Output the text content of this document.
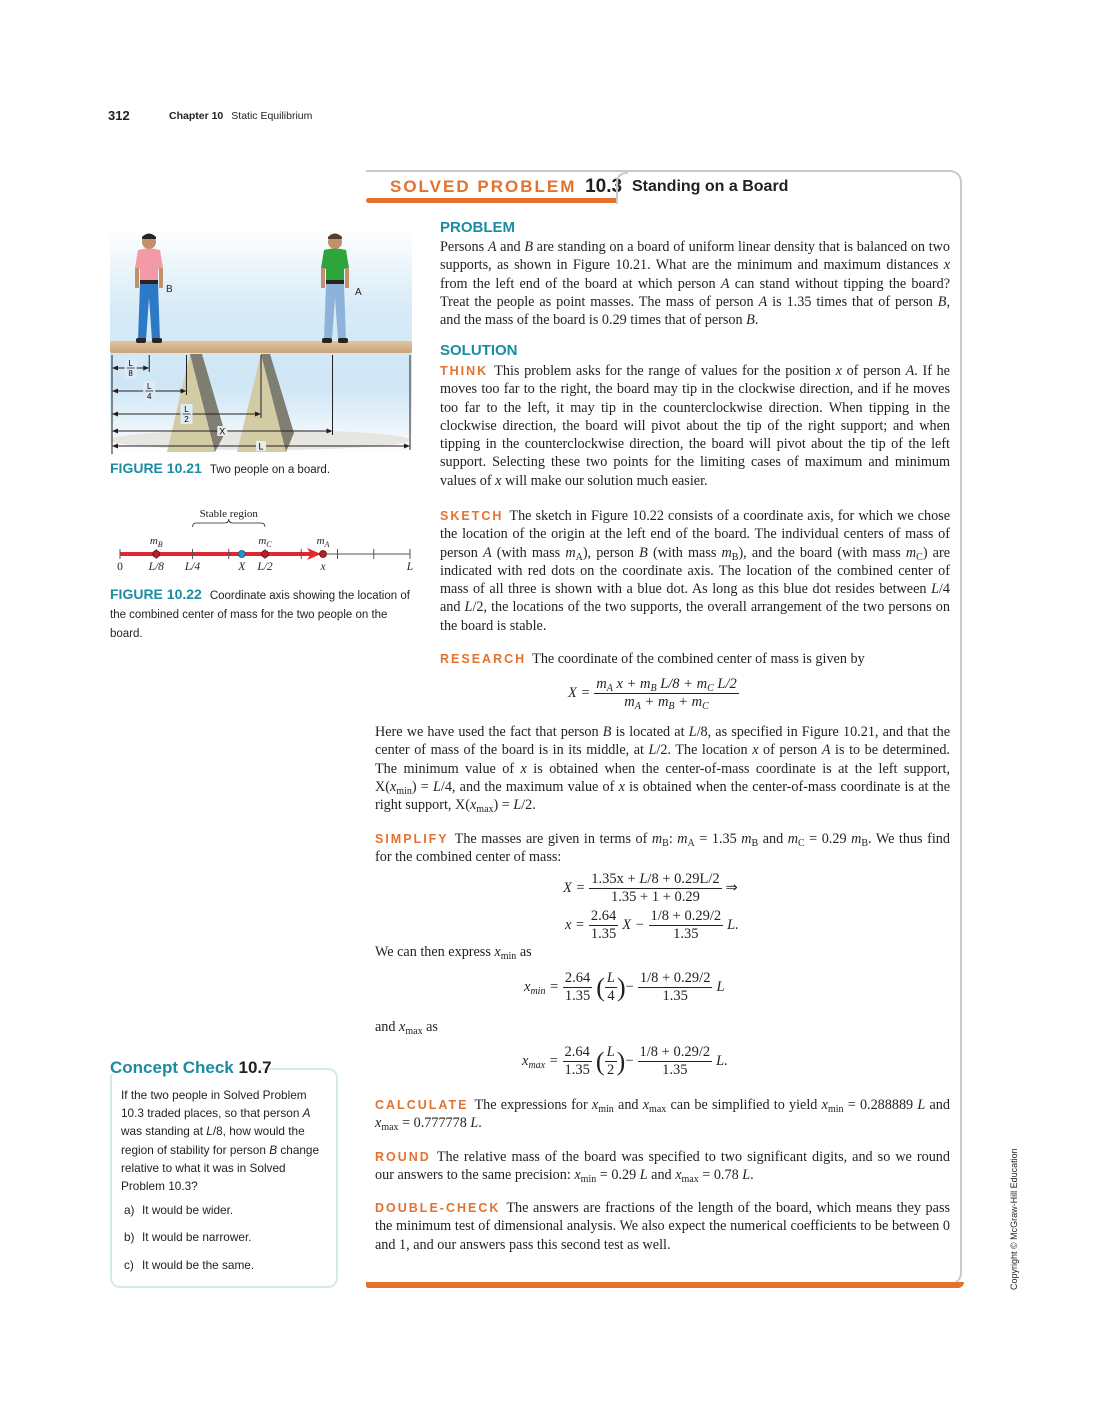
312	Chapter 10 Static Equilibrium
SOLVED PROBLEM 10.3 Standing on a Board
PROBLEM
Persons A and B are standing on a board of uniform linear density that is balanced on two supports, as shown in Figure 10.21. What are the minimum and maximum distances x from the left end of the board at which person A can stand without tipping the board? Treat the people as point masses. The mass of person A is 1.35 times that of person B, and the mass of the board is 0.29 times that of person B.
SOLUTION
THINK This problem asks for the range of values for the position x of person A. If he moves too far to the right, the board may tip in the clockwise direction, and if he moves too far to the left, it may tip in the counterclockwise direction. When tipping in the clockwise direction, the board will pivot about the tip of the right support; and when tipping in the counterclockwise direction, the board will pivot about the tip of the left support. Selecting these two points for the limiting cases of maximum and minimum values of x will make our solution much easier.
SKETCH The sketch in Figure 10.22 consists of a coordinate axis, for which we chose the location of the origin at the left end of the board. The individual centers of mass of person A (with mass $m_A$), person B (with mass $m_B$), and the board (with mass $m_C$) are indicated with red dots on the coordinate axis. The location of the combined center of mass of all three is shown with a blue dot. As long as this blue dot resides between L/4 and L/2, the locations of the two supports, the overall arrangement of the two persons on the board is stable.
RESEARCH The coordinate of the combined center of mass is given by
$X = \frac{m_A x + m_B L/8 + m_C L/2}{m_A + m_B + m_C}$
Here we have used the fact that person B is located at L/8, as specified in Figure 10.21, and that the center of mass of the board is in its middle, at L/2. The location x of person A is to be determined. The minimum value of x is obtained when the center-of-mass coordinate is at the left support, $X(x_{min}) = L/4$, and the maximum value of x is obtained when the center-of-mass coordinate is at the right support, $X(x_{max}) = L/2$.
SIMPLIFY The masses are given in terms of $m_B$: $m_A = 1.35$ $m_B$ and $m_C = 0.29$ $m_B$. We thus find for the combined center of mass:
$X = \frac{1.35x + L/8 + 0.29L/2}{1.35 + 1 + 0.29}$ ⇒
$x = \frac{2.64}{1.35}$ $X - \frac{1/8 + 0.29/2}{1.35} L$.
We can then express $x_{min}$ as
$x_{min} = \frac{2.64}{1.35}$ ( $\frac{L}{4}$ ) − $\frac{1/8 + 0.29/2}{1.35}$ L
and $x_{max}$ as
$x_{max} = \frac{2.64}{1.35}$ ( $\frac{L}{2}$ ) − $\frac{1/8 + 0.29/2}{1.35} L$.
CALCULATE The expressions for $x_{min}$ and $x_{max}$ can be simplified to yield $x_{min} = 0.288889$ L and $x_{max} = 0.777778$ L.
ROUND The relative mass of the board was specified to two significant digits, and so we round our answers to the same precision: $x_{min} = 0.29$ L and $x_{max} = 0.78$ L.
DOUBLE-CHECK The answers are fractions of the length of the board, which means they pass the minimum test of dimensional analysis. We also expect the numerical coefficients to be between 0 and 1, and our answers pass this second test as well.
B	A
L
8
L
4
L
2
X
L
FIGURE 10.21 Two people on a board.
Stable region
$m_B$	$m_C$	$m_A$
0 L/8 L/4	X L/2	x	L
FIGURE 10.22 Coordinate axis showing the location of the combined center of mass for the two people on the board.
Concept Check 10.7
If the two people in Solved Problem 10.3 traded places, so that person A was standing at L/8, how would the region of stability for person B change relative to what it was in Solved Problem 10.3?
a) It would be wider.
b) It would be narrower.
c) It would be the same.	Copyright © McGraw-Hill Education
